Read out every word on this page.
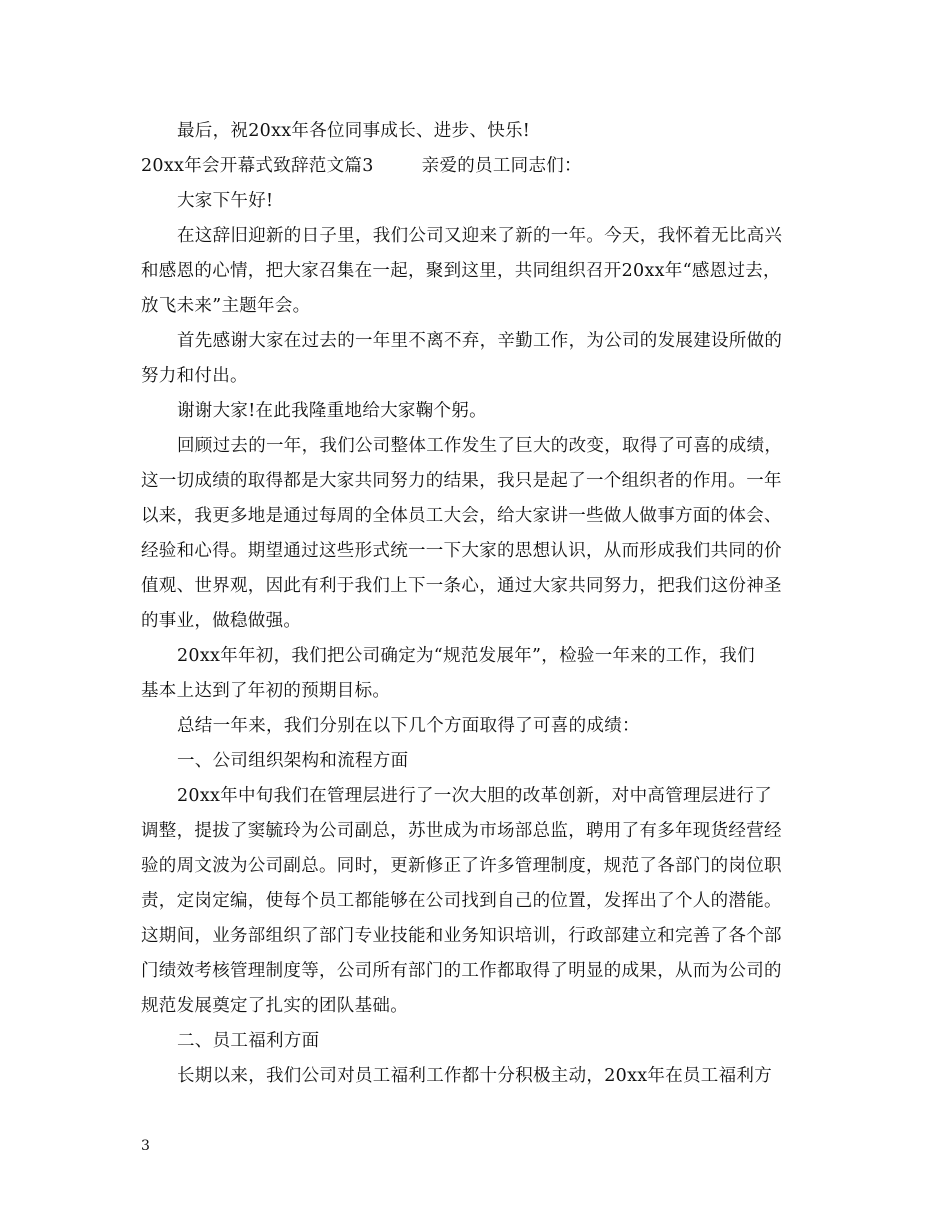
最后，祝20xx年各位同事成长、进步、快乐!
20xx年会开幕式致辞范文篇3	亲爱的员工同志们：
大家下午好!
在这辞旧迎新的日子里，我们公司又迎来了新的一年。今天，我怀着无比高兴
和感恩的心情，把大家召集在一起，聚到这里，共同组织召开20xx年“感恩过去，
放飞未来”主题年会。
首先感谢大家在过去的一年里不离不弃，辛勤工作，为公司的发展建设所做的
努力和付出。
谢谢大家!在此我隆重地给大家鞠个躬。
回顾过去的一年，我们公司整体工作发生了巨大的改变，取得了可喜的成绩，
这一切成绩的取得都是大家共同努力的结果，我只是起了一个组织者的作用。一年
以来，我更多地是通过每周的全体员工大会，给大家讲一些做人做事方面的体会、
经验和心得。期望通过这些形式统一一下大家的思想认识，从而形成我们共同的价
值观、世界观，因此有利于我们上下一条心，通过大家共同努力，把我们这份神圣
的事业，做稳做强。
20xx年年初，我们把公司确定为“规范发展年”，检验一年来的工作，我们
基本上达到了年初的预期目标。
总结一年来，我们分别在以下几个方面取得了可喜的成绩：
一、公司组织架构和流程方面
20xx年中旬我们在管理层进行了一次大胆的改革创新，对中高管理层进行了
调整，提拔了窦毓玲为公司副总，苏世成为市场部总监，聘用了有多年现货经营经
验的周文波为公司副总。同时，更新修正了许多管理制度，规范了各部门的岗位职
责，定岗定编，使每个员工都能够在公司找到自己的位置，发挥出了个人的潜能。
这期间，业务部组织了部门专业技能和业务知识培训，行政部建立和完善了各个部
门绩效考核管理制度等，公司所有部门的工作都取得了明显的成果，从而为公司的
规范发展奠定了扎实的团队基础。
二、员工福利方面
长期以来，我们公司对员工福利工作都十分积极主动，20xx年在员工福利方
3
